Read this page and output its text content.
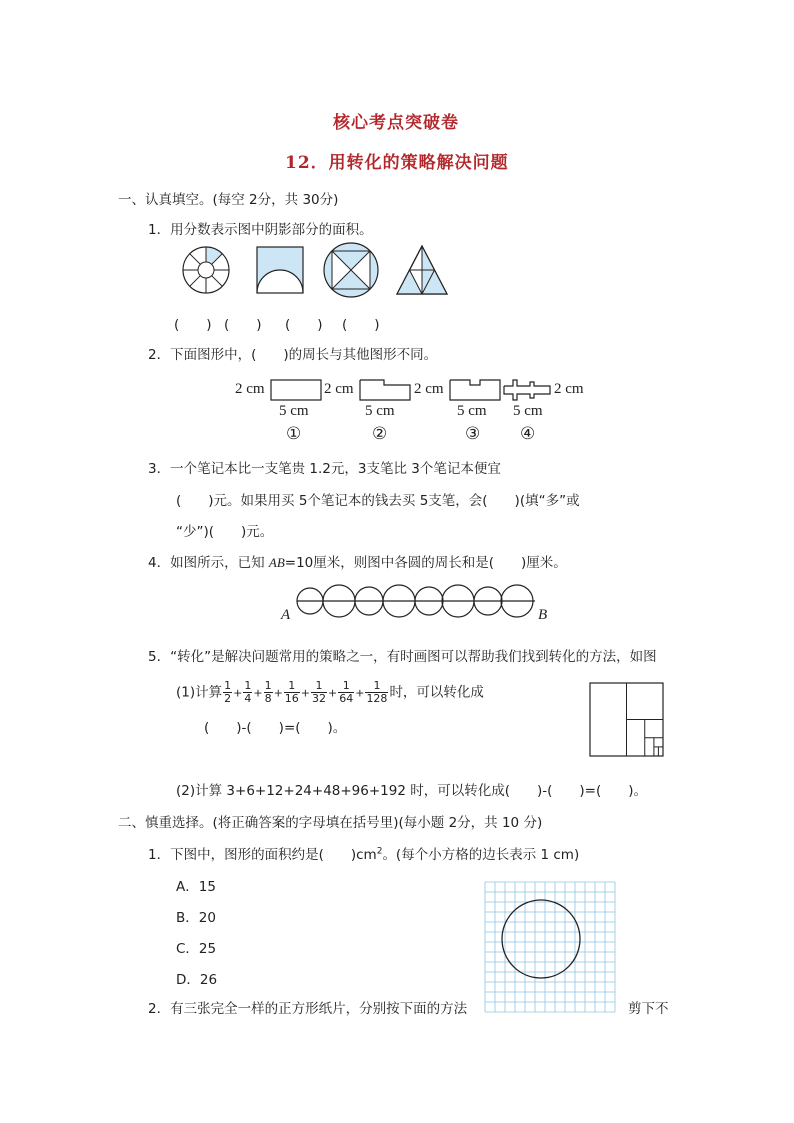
核心考点突破卷
12．用转化的策略解决问题
一、认真填空。(每空 2分，共 30分)
1．用分数表示图中阴影部分的面积。
(　　) (　　) (　　) (　　)
2．下面图形中，(　　)的周长与其他图形不同。
2 cm	2 cm	2 cm	2 cm
5 cm	5 cm	5 cm 5 cm
①	②	③ ④
3．一个笔记本比一支笔贵 1.2元，3支笔比 3个笔记本便宜
(　　)元。如果用买 5个笔记本的钱去买 5支笔，会(　　)(填“多”或
“少”)(　　)元。
4．如图所示，已知 AB=10厘米，则图中各圆的周长和是(　　)厘米。
A	B
5．“转化”是解决问题常用的策略之一，有时画图可以帮助我们找到转化的方法，如图
(1)计算 $\frac{1}{2} + \frac{1}{4} + \frac{1}{8} + \frac{1}{16} + \frac{1}{32} + \frac{1}{64} + \frac{1}{128}$ 时，可以转化成
(　　)-(　　)=(　　)。
(2)计算 3+6+12+24+48+96+192 时，可以转化成(　　)-(　　)=(　　)。
二、慎重选择。(将正确答案的字母填在括号里)(每小题 2分，共 10 分)
1．下图中，图形的面积约是(　　)$cm^2$。(每个小方格的边长表示 1 cm)
A．15
B．20
C．25
D．26
2．有三张完全一样的正方形纸片，分别按下面的方法	剪下不
